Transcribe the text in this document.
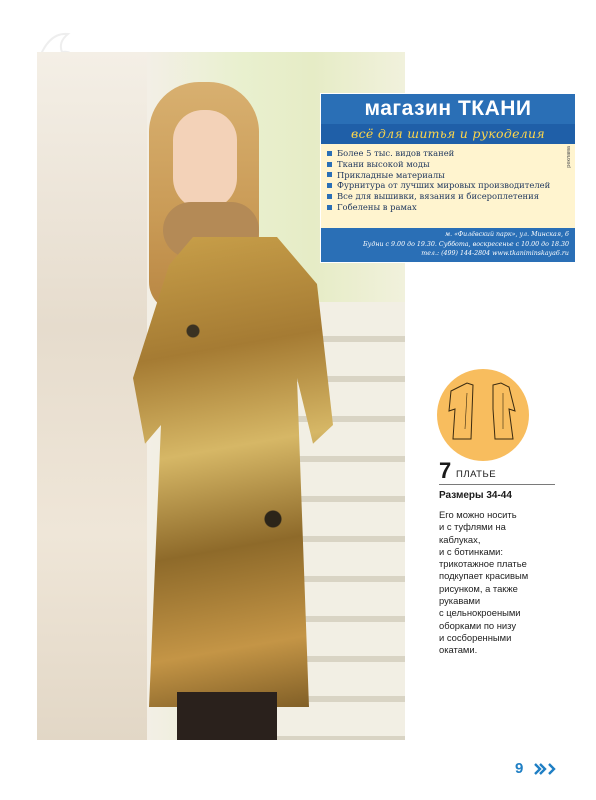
магазин ТКАНИ
всё для шитья и рукоделия
Более 5 тыс. видов тканей
Ткани высокой моды
Прикладные материалы
Фурнитура от лучших мировых производителей
Все для вышивки, вязания и бисероплетения
Гобелены в рамах
реклама
м. «Филёвский парк», ул. Минская, 6
Будни с 9.00 до 19.30. Суббота, воскресенье с 10.00 до 18.30
тел.: (499) 144-2804 www.tkaniminskaya6.ru
7 ПЛАТЬЕ
Размеры 34-44
Его можно носить
и с туфлями на
каблуках,
и с ботинками:
трикотажное платье
подкупает красивым
рисунком, а также
рукавами
с цельнокроеными
оборками по низу
и сосборенными
окатами.
9
